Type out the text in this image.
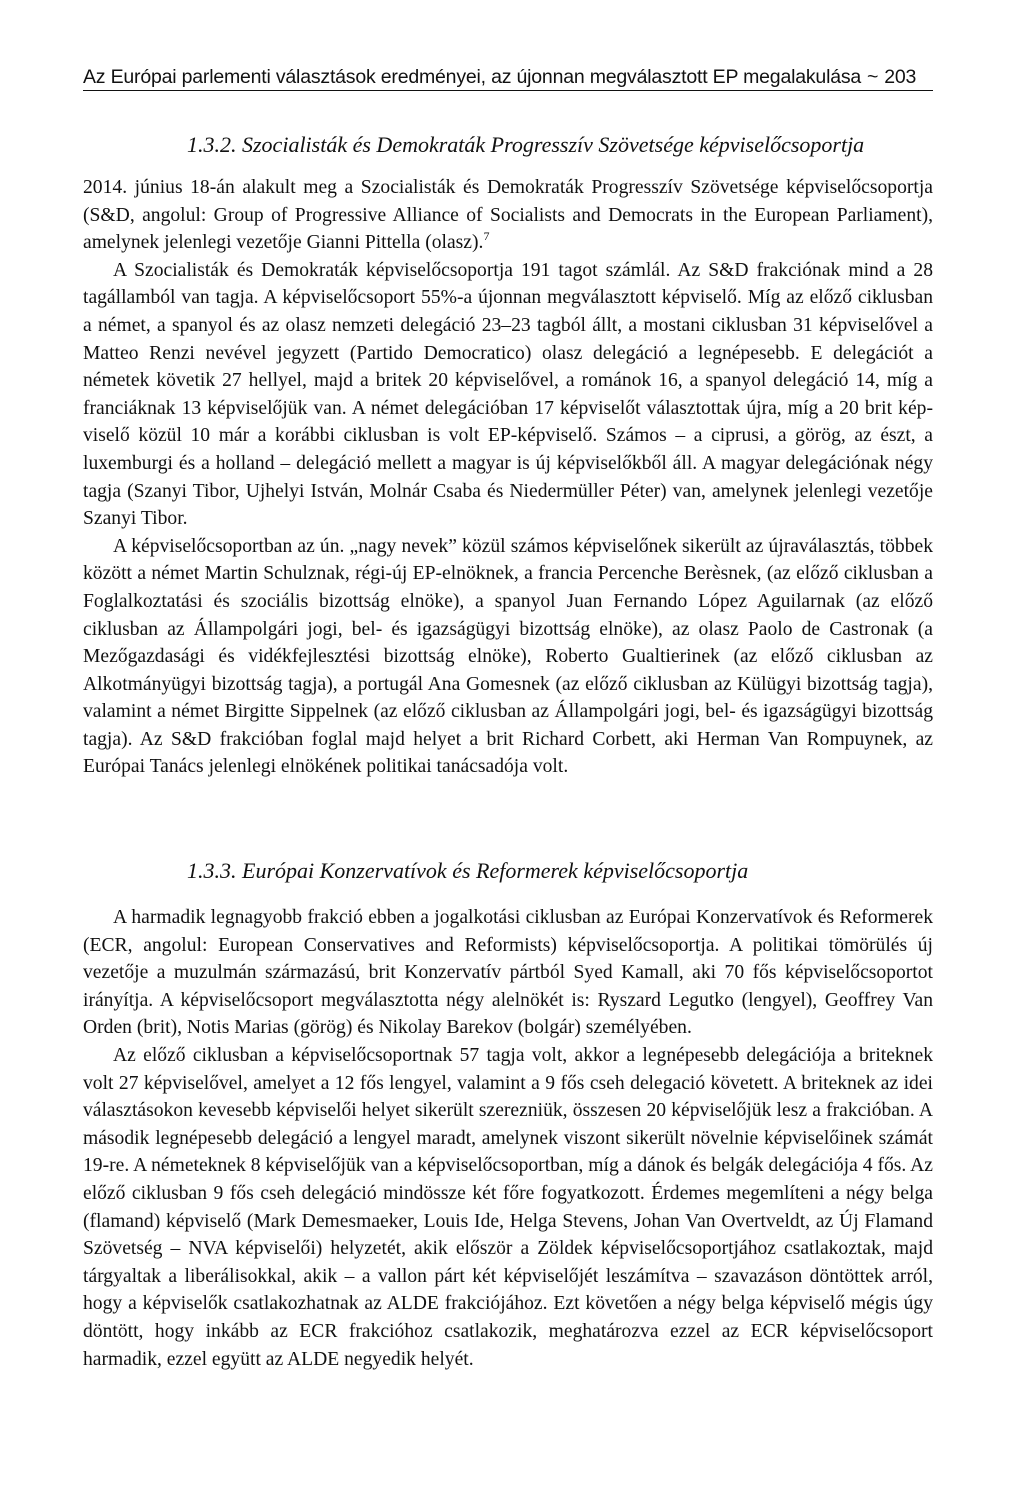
Az Európai parlementi választások eredményei, az újonnan megválasztott EP megalakulása ~ 203
1.3.2. Szocialisták és Demokraták Progresszív Szövetsége képviselőcsoportja

2014. június 18-án alakult meg a Szocialisták és Demokraták Progresszív Szövetsége képviselőcsoportja (S&D, angolul: Group of Progressive Alliance of Socialists and Democrats in the European Parliament), amelynek jelenlegi vezetője Gianni Pittella (olasz).$^7$

A Szocialisták és Demokraták képviselőcsoportja 191 tagot számlál. Az S&D frakciónak mind a 28 tagállamból van tagja. A képviselőcsoport 55%-a újonnan megválasztott képviselő. Míg az előző ciklusban a német, a spanyol és az olasz nemzeti delegáció 23–23 tagból állt, a mostani ciklusban 31 képviselővel a Matteo Renzi nevével jegyzett (Partido Democratico) olasz delegáció a legnépesebb. E delegációt a németek követik 27 hellyel, majd a britek 20 képviselővel, a románok 16, a spanyol delegáció 14, míg a franciáknak 13 képviselőjük van. A német delegációban 17 képviselőt választottak újra, míg a 20 brit képviselő közül 10 már a korábbi ciklusban is volt EP-képviselő. Számos – a ciprusi, a görög, az észt, a luxemburgi és a holland – delegáció mellett a magyar is új képviselőkből áll. A magyar delegációnak négy tagja (Szanyi Tibor, Ujhelyi István, Molnár Csaba és Niedermüller Péter) van, amelynek jelenlegi vezetője Szanyi Tibor.

A képviselőcsoportban az ún. „nagy nevek” közül számos képviselőnek sikerült az újraválasztás, többek között a német Martin Schulznak, régi-új EP-elnöknek, a francia Percenche Berèsnek, (az előző ciklusban a Foglalkoztatási és szociális bizottság elnöke), a spanyol Juan Fernando López Aguilarnak (az előző ciklusban az Állampolgári jogi, bel- és igazságügyi bizottság elnöke), az olasz Paolo de Castronak (a Mezőgazdasági és vidékfejlesztési bizottság elnöke), Roberto Gualtierinek (az előző ciklusban az Alkotmányügyi bizottság tagja), a portugál Ana Gomesnek (az előző ciklusban az Külügyi bizottság tagja), valamint a német Birgitte Sippelnek (az előző ciklusban az Állampolgári jogi, bel- és igazságügyi bizottság tagja). Az S&D frakcióban foglal majd helyet a brit Richard Corbett, aki Herman Van Rompuynek, az Európai Tanács jelenlegi elnökének politikai tanácsadója volt.

1.3.3. Európai Konzervatívok és Reformerek képviselőcsoportja

A harmadik legnagyobb frakció ebben a jogalkotási ciklusban az Európai Konzervatívok és Reformerek (ECR, angolul: European Conservatives and Reformists) képviselőcsoportja. A politikai tömörülés új vezetője a muzulmán származású, brit Konzervatív pártból Syed Kamall, aki 70 fős képviselőcsoportot irányítja. A képviselőcsoport megválasztotta négy alelnökét is: Ryszard Legutko (lengyel), Geoffrey Van Orden (brit), Notis Marias (görög) és Nikolay Barekov (bolgár) személyében.

Az előző ciklusban a képviselőcsoportnak 57 tagja volt, akkor a legnépesebb delegációja a briteknek volt 27 képviselővel, amelyet a 12 fős lengyel, valamint a 9 fős cseh delegació követett. A briteknek az idei választásokon kevesebb képviselői helyet sikerült szerezniük, összesen 20 képviselőjük lesz a frakcióban. A második legnépesebb delegáció a lengyel maradt, amelynek viszont sikerült növelnie képviselőinek számát 19-re. A németeknek 8 képviselőjük van a képviselőcsoportban, míg a dánok és belgák delegációja 4 fős. Az előző ciklusban 9 fős cseh delegáció mindössze két főre fogyatkozott. Érdemes megemlíteni a négy belga (flamand) képviselő (Mark Demesmaeker, Louis Ide, Helga Stevens, Johan Van Overtveldt, az Új Flamand Szövetség – NVA képviselői) helyzetét, akik először a Zöldek képviselőcsoportjához csatlakoztak, majd tárgyaltak a liberálisokkal, akik – a vallon párt két képviselőjét leszámítva – szavazáson döntöttek arról, hogy a képviselők csatlakozhatnak az ALDE frakciójához. Ezt követően a négy belga képviselő mégis úgy döntött, hogy inkább az ECR frakcióhoz csatlakozik, meghatározva ezzel az ECR képviselőcsoport harmadik, ezzel együtt az ALDE negyedik helyét.
